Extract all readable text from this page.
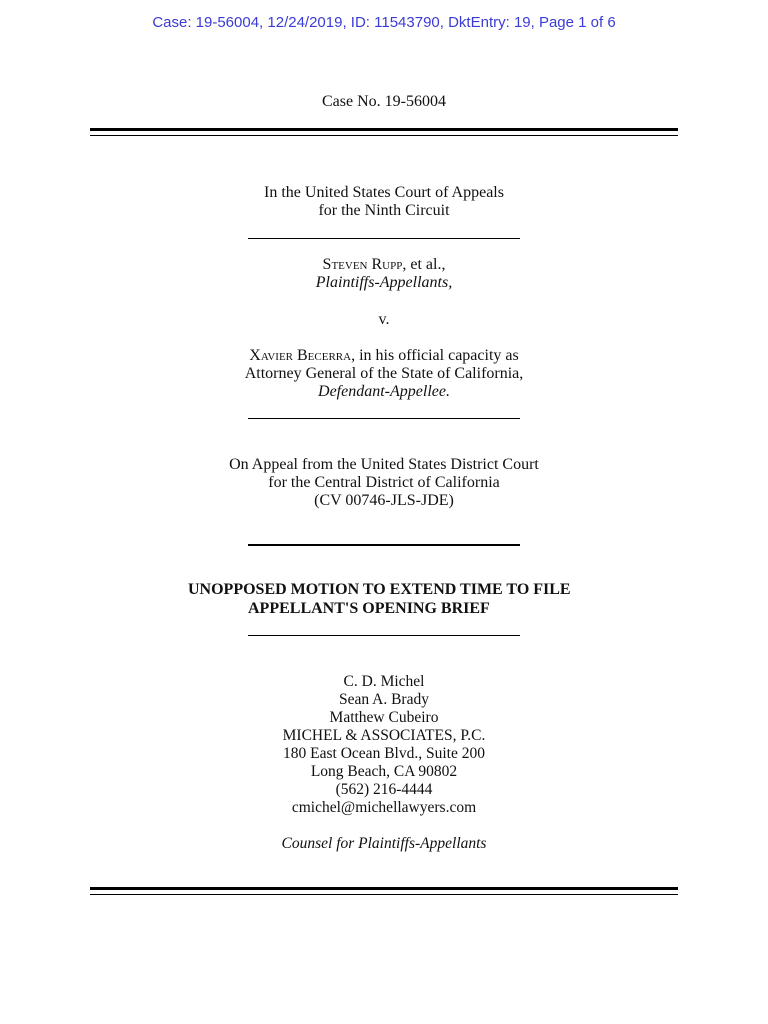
Case: 19-56004, 12/24/2019, ID: 11543790, DktEntry: 19, Page 1 of 6
Case No. 19-56004
In the United States Court of Appeals
for the Ninth Circuit
Steven Rupp, et al.,
Plaintiffs-Appellants,
v.
Xavier Becerra, in his official capacity as
Attorney General of the State of California,
Defendant-Appellee.
On Appeal from the United States District Court
for the Central District of California
(CV 00746-JLS-JDE)
UNOPPOSED MOTION TO EXTEND TIME TO FILE
APPELLANT'S OPENING BRIEF
C. D. Michel
Sean A. Brady
Matthew Cubeiro
MICHEL & ASSOCIATES, P.C.
180 East Ocean Blvd., Suite 200
Long Beach, CA 90802
(562) 216-4444
cmichel@michellawyers.com
Counsel for Plaintiffs-Appellants
